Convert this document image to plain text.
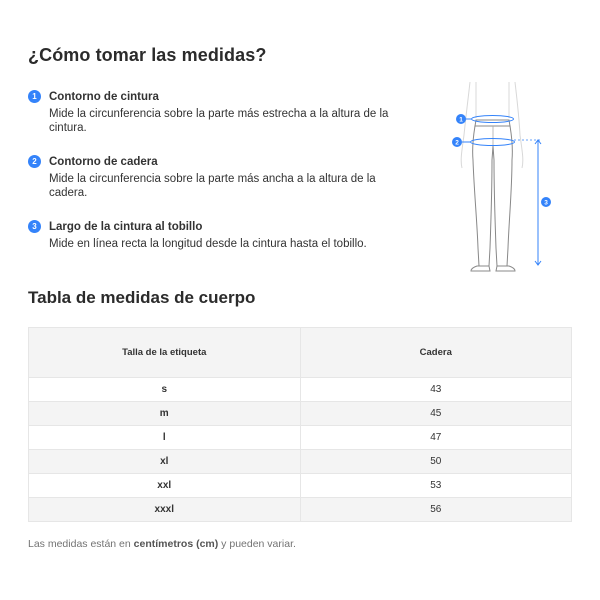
¿Cómo tomar las medidas?
1	Contorno de cintura
Mide la circunferencia sobre la parte más estrecha a la altura de la cintura.
2	Contorno de cadera
Mide la circunferencia sobre la parte más ancha a la altura de la cadera.
3	Largo de la cintura al tobillo
Mide en línea recta la longitud desde la cintura hasta el tobillo.
1
2
3
Tabla de medidas de cuerpo
Talla de la etiqueta	Cadera
s	43
m	45
l	47
xl	50
xxl	53
xxxl	56

Las medidas están en centímetros (cm) y pueden variar.
